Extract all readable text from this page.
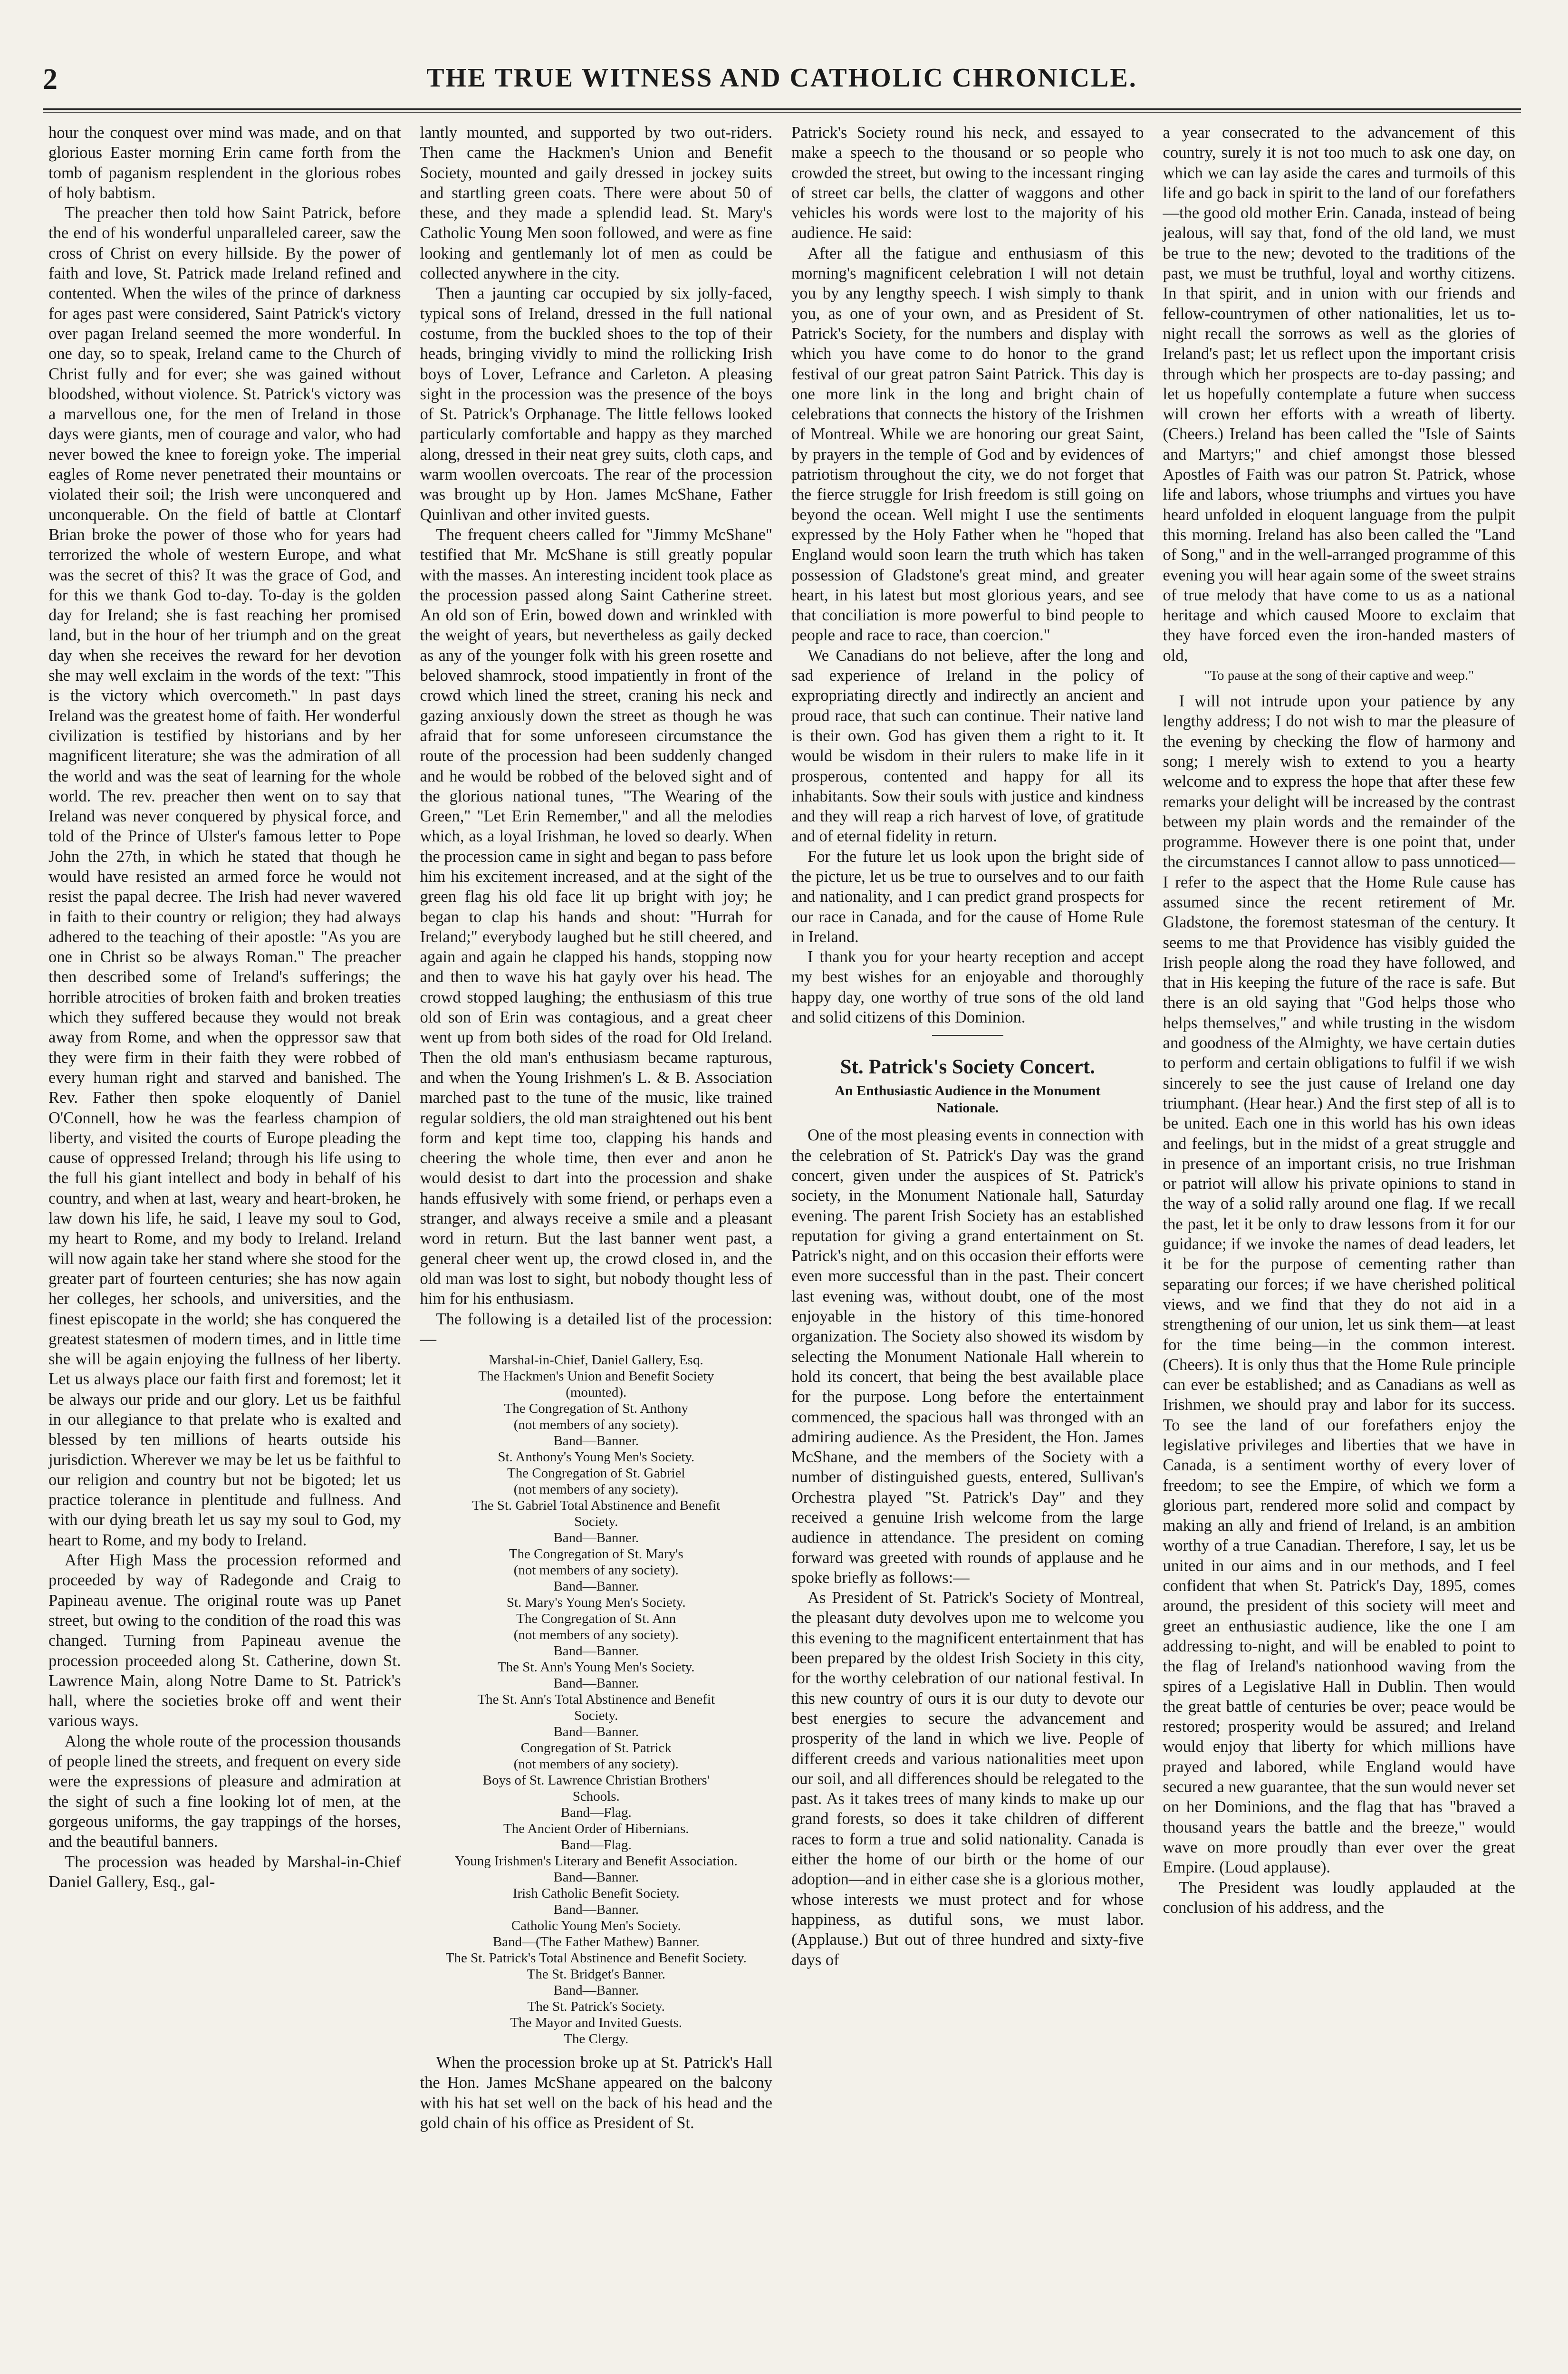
2	THE TRUE WITNESS AND CATHOLIC CHRONICLE.

hour the conquest over mind was made, and on that glorious Easter morning Erin came forth from the tomb of paganism resplendent in the glorious robes of holy babtism.

The preacher then told how Saint Patrick, before the end of his wonderful unparalleled career, saw the cross of Christ on every hillside. By the power of faith and love, St. Patrick made Ireland refined and contented. When the wiles of the prince of darkness for ages past were considered, Saint Patrick's victory over pagan Ireland seemed the more wonderful. In one day, so to speak, Ireland came to the Church of Christ fully and for ever; she was gained without bloodshed, without violence. St. Patrick's victory was a marvellous one, for the men of Ireland in those days were giants, men of courage and valor, who had never bowed the knee to foreign yoke. The imperial eagles of Rome never penetrated their mountains or violated their soil; the Irish were unconquered and unconquerable. On the field of battle at Clontarf Brian broke the power of those who for years had terrorized the whole of western Europe, and what was the secret of this? It was the grace of God, and for this we thank God to-day. To-day is the golden day for Ireland; she is fast reaching her promised land, but in the hour of her triumph and on the great day when she receives the reward for her devotion she may well exclaim in the words of the text: "This is the victory which overcometh." In past days Ireland was the greatest home of faith. Her wonderful civilization is testified by historians and by her magnificent literature; she was the admiration of all the world and was the seat of learning for the whole world. The rev. preacher then went on to say that Ireland was never conquered by physical force, and told of the Prince of Ulster's famous letter to Pope John the 27th, in which he stated that though he would have resisted an armed force he would not resist the papal decree. The Irish had never wavered in faith to their country or religion; they had always adhered to the teaching of their apostle: "As you are one in Christ so be always Roman." The preacher then described some of Ireland's sufferings; the horrible atrocities of broken faith and broken treaties which they suffered because they would not break away from Rome, and when the oppressor saw that they were firm in their faith they were robbed of every human right and starved and banished. The Rev. Father then spoke eloquently of Daniel O'Connell, how he was the fearless champion of liberty, and visited the courts of Europe pleading the cause of oppressed Ireland; through his life using to the full his giant intellect and body in behalf of his country, and when at last, weary and heart-broken, he law down his life, he said, I leave my soul to God, my heart to Rome, and my body to Ireland. Ireland will now again take her stand where she stood for the greater part of fourteen centuries; she has now again her colleges, her schools, and universities, and the finest episcopate in the world; she has conquered the greatest statesmen of modern times, and in little time she will be again enjoying the fullness of her liberty. Let us always place our faith first and foremost; let it be always our pride and our glory. Let us be faithful in our allegiance to that prelate who is exalted and blessed by ten millions of hearts outside his jurisdiction. Wherever we may be let us be faithful to our religion and country but not be bigoted; let us practice tolerance in plentitude and fullness. And with our dying breath let us say my soul to God, my heart to Rome, and my body to Ireland.

After High Mass the procession reformed and proceeded by way of Radegonde and Craig to Papineau avenue. The original route was up Panet street, but owing to the condition of the road this was changed. Turning from Papineau avenue the procession proceeded along St. Catherine, down St. Lawrence Main, along Notre Dame to St. Patrick's hall, where the societies broke off and went their various ways.

Along the whole route of the procession thousands of people lined the streets, and frequent on every side were the expressions of pleasure and admiration at the sight of such a fine looking lot of men, at the gorgeous uniforms, the gay trappings of the horses, and the beautiful banners.

The procession was headed by Marshal-in-Chief Daniel Gallery, Esq., gal-

lantly mounted, and supported by two out-riders. Then came the Hackmen's Union and Benefit Society, mounted and gaily dressed in jockey suits and startling green coats. There were about 50 of these, and they made a splendid lead. St. Mary's Catholic Young Men soon followed, and were as fine looking and gentlemanly lot of men as could be collected anywhere in the city.

Then a jaunting car occupied by six jolly-faced, typical sons of Ireland, dressed in the full national costume, from the buckled shoes to the top of their heads, bringing vividly to mind the rollicking Irish boys of Lover, Lefrance and Carleton. A pleasing sight in the procession was the presence of the boys of St. Patrick's Orphanage. The little fellows looked particularly comfortable and happy as they marched along, dressed in their neat grey suits, cloth caps, and warm woollen overcoats. The rear of the procession was brought up by Hon. James McShane, Father Quinlivan and other invited guests.

The frequent cheers called for "Jimmy McShane" testified that Mr. McShane is still greatly popular with the masses. An interesting incident took place as the procession passed along Saint Catherine street. An old son of Erin, bowed down and wrinkled with the weight of years, but nevertheless as gaily decked as any of the younger folk with his green rosette and beloved shamrock, stood impatiently in front of the crowd which lined the street, craning his neck and gazing anxiously down the street as though he was afraid that for some unforeseen circumstance the route of the procession had been suddenly changed and he would be robbed of the beloved sight and of the glorious national tunes, "The Wearing of the Green," "Let Erin Remember," and all the melodies which, as a loyal Irishman, he loved so dearly. When the procession came in sight and began to pass before him his excitement increased, and at the sight of the green flag his old face lit up bright with joy; he began to clap his hands and shout: "Hurrah for Ireland;" everybody laughed but he still cheered, and again and again he clapped his hands, stopping now and then to wave his hat gayly over his head. The crowd stopped laughing; the enthusiasm of this true old son of Erin was contagious, and a great cheer went up from both sides of the road for Old Ireland. Then the old man's enthusiasm became rapturous, and when the Young Irishmen's L. & B. Association marched past to the tune of the music, like trained regular soldiers, the old man straightened out his bent form and kept time too, clapping his hands and cheering the whole time, then ever and anon he would desist to dart into the procession and shake hands effusively with some friend, or perhaps even a stranger, and always receive a smile and a pleasant word in return. But the last banner went past, a general cheer went up, the crowd closed in, and the old man was lost to sight, but nobody thought less of him for his enthusiasm.

The following is a detailed list of the procession:—

Marshal-in-Chief, Daniel Gallery, Esq.
The Hackmen's Union and Benefit Society
(mounted).
The Congregation of St. Anthony
(not members of any society).
Band—Banner.
St. Anthony's Young Men's Society.
The Congregation of St. Gabriel
(not members of any society).
The St. Gabriel Total Abstinence and Benefit
Society.
Band—Banner.
The Congregation of St. Mary's
(not members of any society).
Band—Banner.
St. Mary's Young Men's Society.
The Congregation of St. Ann
(not members of any society).
Band—Banner.
The St. Ann's Young Men's Society.
Band—Banner.
The St. Ann's Total Abstinence and Benefit
Society.
Band—Banner.
Congregation of St. Patrick
(not members of any society).
Boys of St. Lawrence Christian Brothers'
Schools.
Band—Flag.
The Ancient Order of Hibernians.
Band—Flag.
Young Irishmen's Literary and Benefit Association.
Band—Banner.
Irish Catholic Benefit Society.
Band—Banner.
Catholic Young Men's Society.
Band—(The Father Mathew) Banner.
The St. Patrick's Total Abstinence and Benefit Society.
The St. Bridget's Banner.
Band—Banner.
The St. Patrick's Society.
The Mayor and Invited Guests.
The Clergy.

When the procession broke up at St. Patrick's Hall the Hon. James McShane appeared on the balcony with his hat set well on the back of his head and the gold chain of his office as President of St.

Patrick's Society round his neck, and essayed to make a speech to the thousand or so people who crowded the street, but owing to the incessant ringing of street car bells, the clatter of waggons and other vehicles his words were lost to the majority of his audience. He said:

After all the fatigue and enthusiasm of this morning's magnificent celebration I will not detain you by any lengthy speech. I wish simply to thank you, as one of your own, and as President of St. Patrick's Society, for the numbers and display with which you have come to do honor to the grand festival of our great patron Saint Patrick. This day is one more link in the long and bright chain of celebrations that connects the history of the Irishmen of Montreal. While we are honoring our great Saint, by prayers in the temple of God and by evidences of patriotism throughout the city, we do not forget that the fierce struggle for Irish freedom is still going on beyond the ocean. Well might I use the sentiments expressed by the Holy Father when he "hoped that England would soon learn the truth which has taken possession of Gladstone's great mind, and greater heart, in his latest but most glorious years, and see that conciliation is more powerful to bind people to people and race to race, than coercion."

We Canadians do not believe, after the long and sad experience of Ireland in the policy of expropriating directly and indirectly an ancient and proud race, that such can continue. Their native land is their own. God has given them a right to it. It would be wisdom in their rulers to make life in it prosperous, contented and happy for all its inhabitants. Sow their souls with justice and kindness and they will reap a rich harvest of love, of gratitude and of eternal fidelity in return.

For the future let us look upon the bright side of the picture, let us be true to ourselves and to our faith and nationality, and I can predict grand prospects for our race in Canada, and for the cause of Home Rule in Ireland.

I thank you for your hearty reception and accept my best wishes for an enjoyable and thoroughly happy day, one worthy of true sons of the old land and solid citizens of this Dominion.

St. Patrick's Society Concert.
An Enthusiastic Audience in the Monument Nationale.

One of the most pleasing events in connection with the celebration of St. Patrick's Day was the grand concert, given under the auspices of St. Patrick's society, in the Monument Nationale hall, Saturday evening. The parent Irish Society has an established reputation for giving a grand entertainment on St. Patrick's night, and on this occasion their efforts were even more successful than in the past. Their concert last evening was, without doubt, one of the most enjoyable in the history of this time-honored organization. The Society also showed its wisdom by selecting the Monument Nationale Hall wherein to hold its concert, that being the best available place for the purpose. Long before the entertainment commenced, the spacious hall was thronged with an admiring audience. As the President, the Hon. James McShane, and the members of the Society with a number of distinguished guests, entered, Sullivan's Orchestra played "St. Patrick's Day" and they received a genuine Irish welcome from the large audience in attendance. The president on coming forward was greeted with rounds of applause and he spoke briefly as follows:—

As President of St. Patrick's Society of Montreal, the pleasant duty devolves upon me to welcome you this evening to the magnificent entertainment that has been prepared by the oldest Irish Society in this city, for the worthy celebration of our national festival. In this new country of ours it is our duty to devote our best energies to secure the advancement and prosperity of the land in which we live. People of different creeds and various nationalities meet upon our soil, and all differences should be relegated to the past. As it takes trees of many kinds to make up our grand forests, so does it take children of different races to form a true and solid nationality. Canada is either the home of our birth or the home of our adoption—and in either case she is a glorious mother, whose interests we must protect and for whose happiness, as dutiful sons, we must labor. (Applause.) But out of three hundred and sixty-five days of

a year consecrated to the advancement of this country, surely it is not too much to ask one day, on which we can lay aside the cares and turmoils of this life and go back in spirit to the land of our forefathers—the good old mother Erin. Canada, instead of being jealous, will say that, fond of the old land, we must be true to the new; devoted to the traditions of the past, we must be truthful, loyal and worthy citizens. In that spirit, and in union with our friends and fellow-countrymen of other nationalities, let us to-night recall the sorrows as well as the glories of Ireland's past; let us reflect upon the important crisis through which her prospects are to-day passing; and let us hopefully contemplate a future when success will crown her efforts with a wreath of liberty. (Cheers.) Ireland has been called the "Isle of Saints and Martyrs;" and chief amongst those blessed Apostles of Faith was our patron St. Patrick, whose life and labors, whose triumphs and virtues you have heard unfolded in eloquent language from the pulpit this morning. Ireland has also been called the "Land of Song," and in the well-arranged programme of this evening you will hear again some of the sweet strains of true melody that have come to us as a national heritage and which caused Moore to exclaim that they have forced even the iron-handed masters of old,

"To pause at the song of their captive and weep."

I will not intrude upon your patience by any lengthy address; I do not wish to mar the pleasure of the evening by checking the flow of harmony and song; I merely wish to extend to you a hearty welcome and to express the hope that after these few remarks your delight will be increased by the contrast between my plain words and the remainder of the programme. However there is one point that, under the circumstances I cannot allow to pass unnoticed—I refer to the aspect that the Home Rule cause has assumed since the recent retirement of Mr. Gladstone, the foremost statesman of the century. It seems to me that Providence has visibly guided the Irish people along the road they have followed, and that in His keeping the future of the race is safe. But there is an old saying that "God helps those who helps themselves," and while trusting in the wisdom and goodness of the Almighty, we have certain duties to perform and certain obligations to fulfil if we wish sincerely to see the just cause of Ireland one day triumphant. (Hear hear.) And the first step of all is to be united. Each one in this world has his own ideas and feelings, but in the midst of a great struggle and in presence of an important crisis, no true Irishman or patriot will allow his private opinions to stand in the way of a solid rally around one flag. If we recall the past, let it be only to draw lessons from it for our guidance; if we invoke the names of dead leaders, let it be for the purpose of cementing rather than separating our forces; if we have cherished political views, and we find that they do not aid in a strengthening of our union, let us sink them—at least for the time being—in the common interest. (Cheers). It is only thus that the Home Rule principle can ever be established; and as Canadians as well as Irishmen, we should pray and labor for its success. To see the land of our forefathers enjoy the legislative privileges and liberties that we have in Canada, is a sentiment worthy of every lover of freedom; to see the Empire, of which we form a glorious part, rendered more solid and compact by making an ally and friend of Ireland, is an ambition worthy of a true Canadian. Therefore, I say, let us be united in our aims and in our methods, and I feel confident that when St. Patrick's Day, 1895, comes around, the president of this society will meet and greet an enthusiastic audience, like the one I am addressing to-night, and will be enabled to point to the flag of Ireland's nationhood waving from the spires of a Legislative Hall in Dublin. Then would the great battle of centuries be over; peace would be restored; prosperity would be assured; and Ireland would enjoy that liberty for which millions have prayed and labored, while England would have secured a new guarantee, that the sun would never set on her Dominions, and the flag that has "braved a thousand years the battle and the breeze," would wave on more proudly than ever over the great Empire. (Loud applause).

The President was loudly applauded at the conclusion of his address, and the
